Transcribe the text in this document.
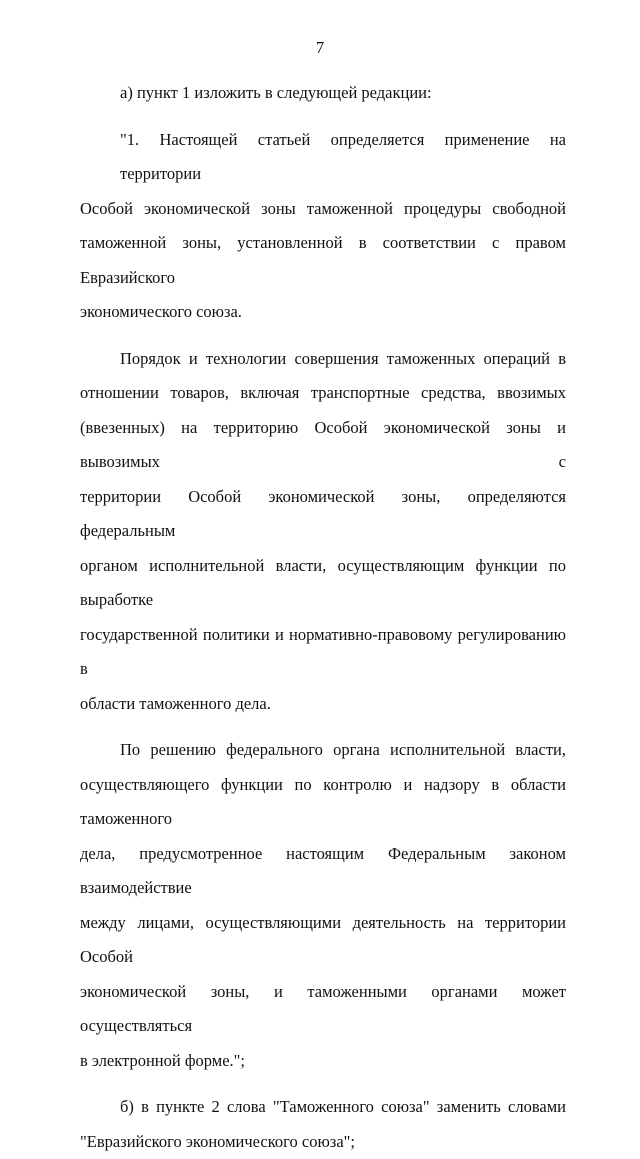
7
а) пункт 1 изложить в следующей редакции:
"1. Настоящей статьей определяется применение на территории
Особой экономической зоны таможенной процедуры свободной
таможенной зоны, установленной в соответствии с правом Евразийского
экономического союза.
Порядок и технологии совершения таможенных операций в
отношении товаров, включая транспортные средства, ввозимых
(ввезенных) на территорию Особой экономической зоны и вывозимых с
территории Особой экономической зоны, определяются федеральным
органом исполнительной власти, осуществляющим функции по выработке
государственной политики и нормативно-правовому регулированию в
области таможенного дела.
По решению федерального органа исполнительной власти,
осуществляющего функции по контролю и надзору в области таможенного
дела, предусмотренное настоящим Федеральным законом взаимодействие
между лицами, осуществляющими деятельность на территории Особой
экономической зоны, и таможенными органами может осуществляться
в электронной форме.";
б) в пункте 2 слова "Таможенного союза" заменить словами
"Евразийского экономического союза";
